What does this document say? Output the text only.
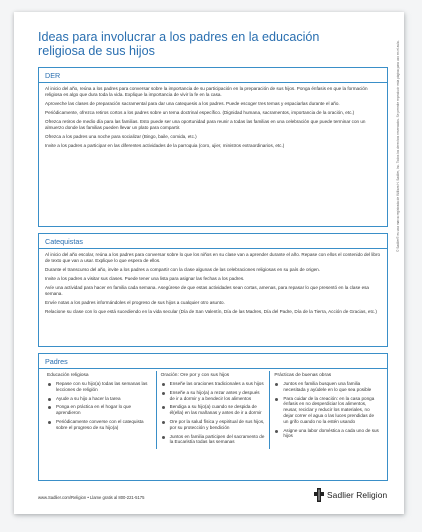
Ideas para involucrar a los padres en la educación religiosa de sus hijos
DER

Al inicio del año, reúna a los padres para conversar sobre la importancia de su participación en la preparación de sus hijos. Ponga énfasis en que la formación religiosa es algo que dura toda la vida. Explique la importancia de vivir la fe en la casa.

Aproveche las clases de preparación sacramental para dar una catequesis a los padres. Puede escoger tres temas y espaciarlas durante el año.

Periódicamente, ofrezca retiros cortos a los padres sobre un tema doctrinal específico. (Dignidad humana, sacramentos, importancia de la oración, etc.)

Ofrezca retiros de medio día para las familias. Esto puede ser una oportunidad para reunir a todas las familias en una celebración que puede terminar con un almuerzo donde las familias pueden llevar un plato para compartir.

Ofrezca a los padres una noche para socializar (Bingo, baile, comida, etc.)

Invite a los padres a participar en las diferentes actividades de la parroquia (coro, ujier, ministros extraordinarios, etc.)

Catequistas

Al inicio del año escolar, reúna a los padres para conversar sobre lo que los niños en su clase van a aprender durante el año. Repase con ellos el contenido del libro de texto que van a usar. Explique lo que espera de ellos.

Durante el transcurso del año, invite a los padres a compartir con la clase algunas de las celebraciones religiosas en su país de origen.

Invite a los padres a visitar sus clases. Puede tener una lista para asignar las fechas a los padres.

Avíe una actividad para hacer en familia cada semana. Asegúrese de que estas actividades sean cortas, amenas, para repasar lo que presentó en la clase esa semana.

Envíe notas a los padres informándoles el progreso de sus hijos a cualquier otro asunto.

Relacione su clase con lo que está sucediendo en la vida secular (Día de San Valentín, Día de las Madres, Día del Padre, Día de la Tierra, Acción de Gracias, etc.)

Padres
Educación religiosa
Repase con su hijo(a) todas las semanas las lecciones de religión
Ayude a su hijo a hacer la tarea
Ponga en práctica en el hogar lo que aprendieron
Periódicamente converse con el catequista sobre el progreso de su hijo(a)
Oración: Ore por y con sus hijos
Enseñe las oraciones tradicionales a sus hijos
Enseñe a su hijo(a) a rezar antes y después de ir a dormir y a bendecir los alimentos
Bendiga a su hijo(a) cuando se despida de él(ella) en las mañanas y antes de ir a dormir
Ore por la salud física y espiritual de sus hijos, por su protección y bendición
Juntos en familia participen del sacramento de la Eucaristía todas las semanas
Prácticas de buenas obras
Juntos en familia busquen una familia necesitada y ayúdele en lo que sea posible
Para cuidar de la creación: en la casa ponga énfasis en no desperdiciar los alimentos, reusar, reciclar y reducir los materiales, no dejar correr el agua o las luces prendidas de un grifo cuando no la estén usando
Asigne una labor doméstica a cada uno de sus hijos
www.Sadlier.com/Religion • Llame gratis al 800-221-5175	Sadlier Religion
© Sadlier® es una marca registrada de William H. Sadlier, Inc. Todos los derechos reservados. Se permite reproducir esta página para uso en el aula.
